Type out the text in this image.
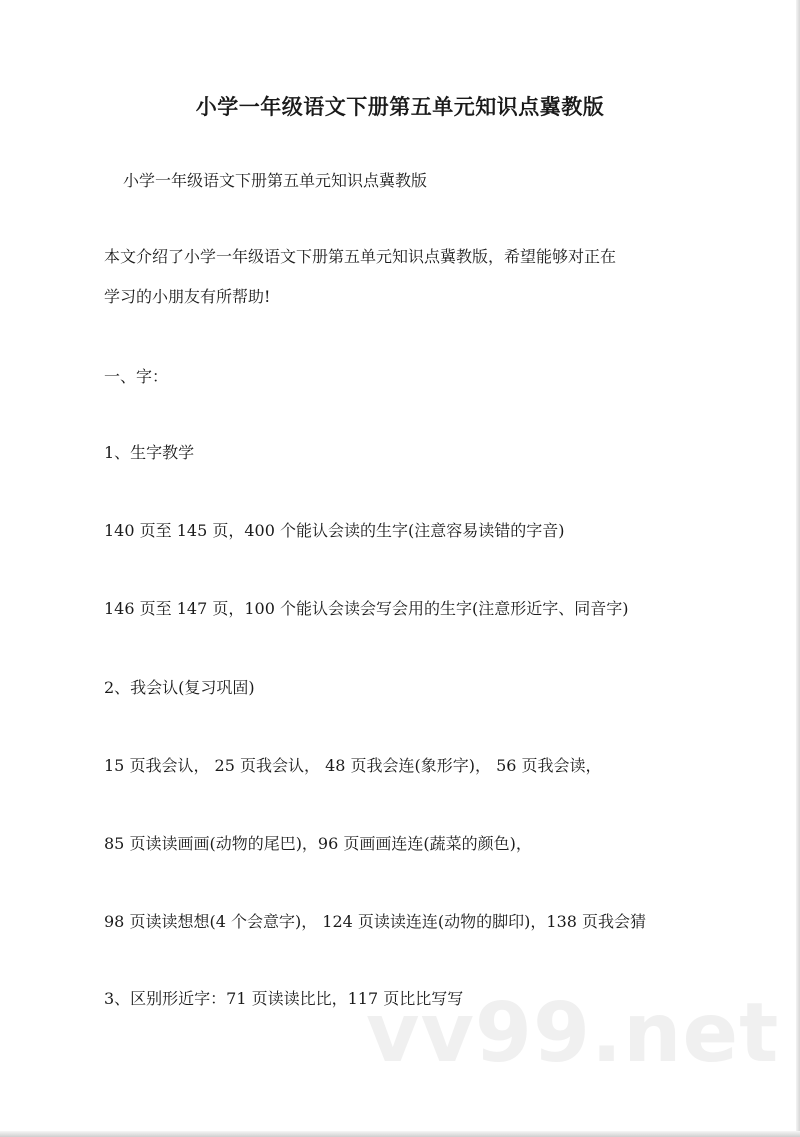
小学一年级语文下册第五单元知识点冀教版
小学一年级语文下册第五单元知识点冀教版
本文介绍了小学一年级语文下册第五单元知识点冀教版，希望能够对正在
学习的小朋友有所帮助!
一、字：
1、生字教学
140 页至 145 页，400 个能认会读的生字(注意容易读错的字音)
146 页至 147 页，100 个能认会读会写会用的生字(注意形近字、同音字)
2、我会认(复习巩固)
15 页我会认， 25 页我会认， 48 页我会连(象形字)， 56 页我会读，
85 页读读画画(动物的尾巴)，96 页画画连连(蔬菜的颜色)，
98 页读读想想(4 个会意字)， 124 页读读连连(动物的脚印)，138 页我会猜
3、区别形近字：71 页读读比比，117 页比比写写
vv99.net
